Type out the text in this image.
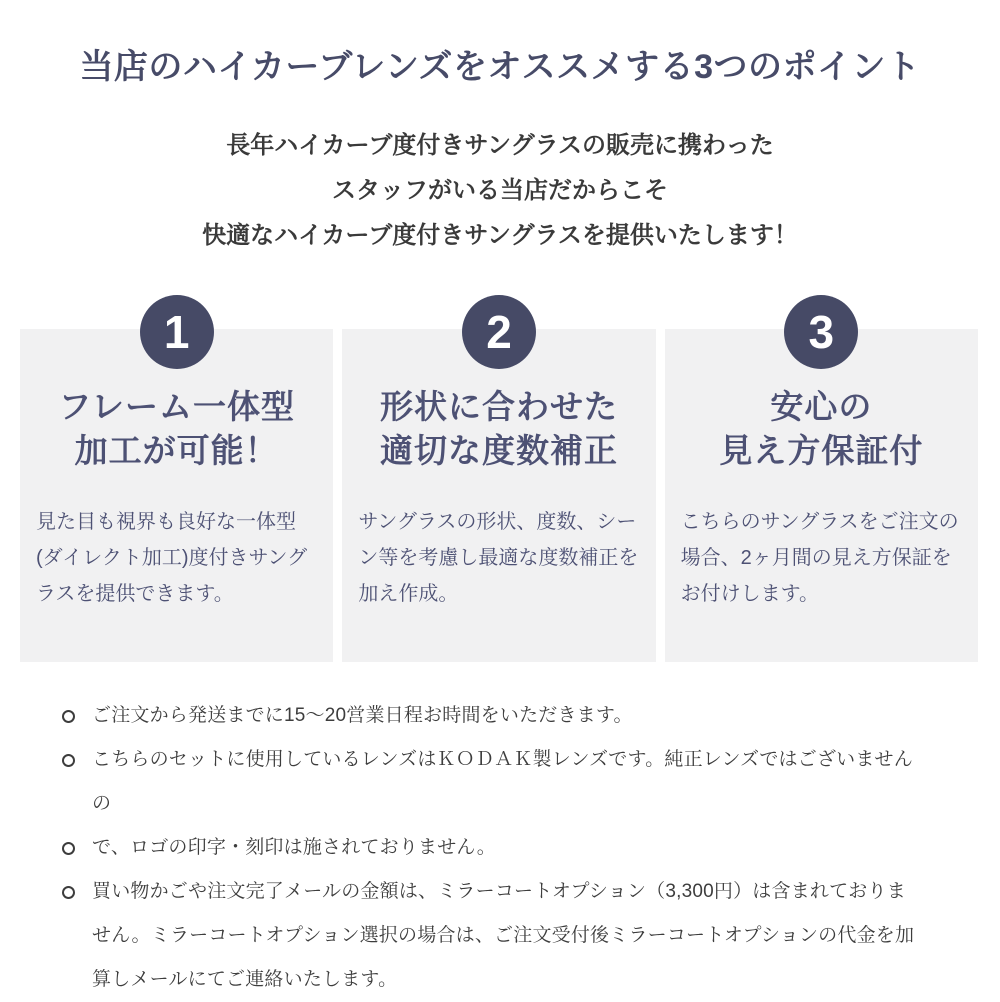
当店のハイカーブレンズをオススメする3つのポイント
長年ハイカーブ度付きサングラスの販売に携わった
スタッフがいる当店だからこそ
快適なハイカーブ度付きサングラスを提供いたします！
1
フレーム一体型
加工が可能！
見た目も視界も良好な一体型(ダイレクト加工)度付きサングラスを提供できます。
2
形状に合わせた
適切な度数補正
サングラスの形状、度数、シーン等を考慮し最適な度数補正を加え作成。
3
安心の
見え方保証付
こちらのサングラスをご注文の場合、2ヶ月間の見え方保証をお付けします。
ご注文から発送までに15〜20営業日程お時間をいただきます。
こちらのセットに使用しているレンズはＫＯＤＡＫ製レンズです。純正レンズではございませんの
で、ロゴの印字・刻印は施されておりません。
買い物かごや注文完了メールの金額は、ミラーコートオプション（3,300円）は含まれておりません。ミラーコートオプション選択の場合は、ご注文受付後ミラーコートオプションの代金を加算しメールにてご連絡いたします。
